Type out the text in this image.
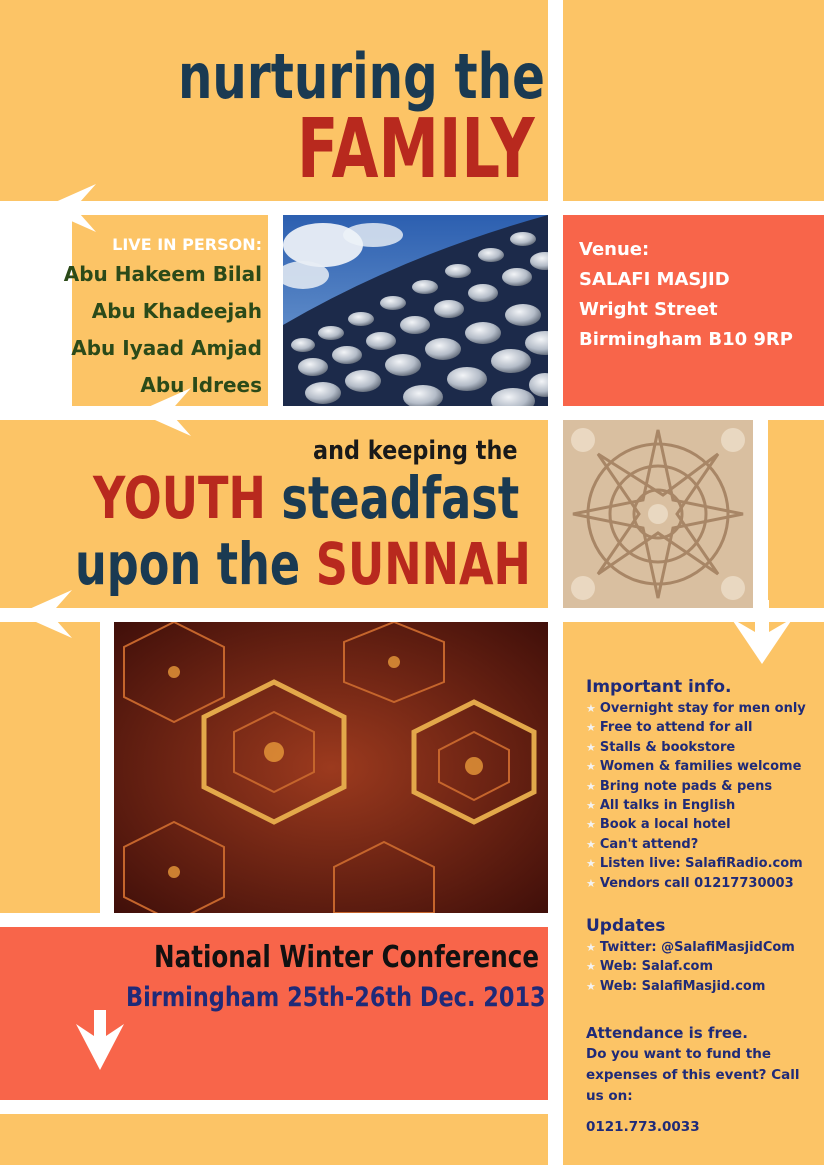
nurturing the
FAMILY
LIVE IN PERSON:
Abu Hakeem Bilal
Abu Khadeejah
Abu Iyaad Amjad
Abu Idrees
Venue:
SALAFI MASJID
Wright Street
Birmingham B10 9RP
and keeping the
YOUTH steadfast
upon the SUNNAH
Important info.
★ Overnight stay for men only
★ Free to attend for all
★ Stalls & bookstore
★ Women & families welcome
★ Bring note pads & pens
★ All talks in English
★ Book a local hotel
★ Can't attend?
★ Listen live: SalafiRadio.com
★ Vendors call 01217730003
Updates
★ Twitter: @SalafiMasjidCom
★ Web: Salaf.com
★ Web: SalafiMasjid.com
Attendance is free.
Do you want to fund the expenses of this event? Call us on:
0121.773.0033
National Winter Conference
Birmingham 25th-26th Dec. 2013
